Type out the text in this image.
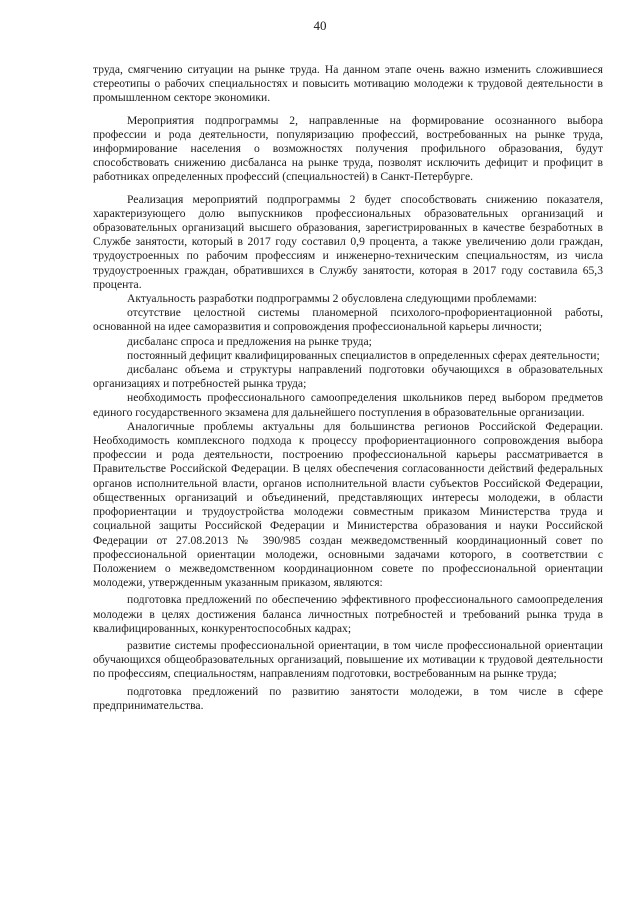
40

труда, смягчению ситуации на рынке труда. На данном этапе очень важно изменить сложившиеся стереотипы о рабочих специальностях и повысить мотивацию молодежи к трудовой деятельности в промышленном секторе экономики.

Мероприятия подпрограммы 2, направленные на формирование осознанного выбора профессии и рода деятельности, популяризацию профессий, востребованных на рынке труда, информирование населения о возможностях получения профильного образования, будут способствовать снижению дисбаланса на рынке труда, позволят исключить дефицит и профицит в работниках определенных профессий (специальностей) в Санкт-Петербурге.

Реализация мероприятий подпрограммы 2 будет способствовать снижению показателя, характеризующего долю выпускников профессиональных образовательных организаций и образовательных организаций высшего образования, зарегистрированных в качестве безработных в Службе занятости, который в 2017 году составил 0,9 процента, а также увеличению доли граждан, трудоустроенных по рабочим профессиям и инженерно-техническим специальностям, из числа трудоустроенных граждан, обратившихся в Службу занятости, которая в 2017 году составила 65,3 процента.

Актуальность разработки подпрограммы 2 обусловлена следующими проблемами:

отсутствие целостной системы планомерной психолого-профориентационной работы, основанной на идее саморазвития и сопровождения профессиональной карьеры личности;

дисбаланс спроса и предложения на рынке труда;

постоянный дефицит квалифицированных специалистов в определенных сферах деятельности;

дисбаланс объема и структуры направлений подготовки обучающихся в образовательных организациях и потребностей рынка труда;

необходимость профессионального самоопределения школьников перед выбором предметов единого государственного экзамена для дальнейшего поступления в образовательные организации.

Аналогичные проблемы актуальны для большинства регионов Российской Федерации. Необходимость комплексного подхода к процессу профориентационного сопровождения выбора профессии и рода деятельности, построению профессиональной карьеры рассматривается в Правительстве Российской Федерации. В целях обеспечения согласованности действий федеральных органов исполнительной власти, органов исполнительной власти субъектов Российской Федерации, общественных организаций и объединений, представляющих интересы молодежи, в области профориентации и трудоустройства молодежи совместным приказом Министерства труда и социальной защиты Российской Федерации и Министерства образования и науки Российской Федерации от 27.08.2013 № 390/985 создан межведомственный координационный совет по профессиональной ориентации молодежи, основными задачами которого, в соответствии с Положением о межведомственном координационном совете по профессиональной ориентации молодежи, утвержденным указанным приказом, являются:

подготовка предложений по обеспечению эффективного профессионального самоопределения молодежи в целях достижения баланса личностных потребностей и требований рынка труда в квалифицированных, конкурентоспособных кадрах;

развитие системы профессиональной ориентации, в том числе профессиональной ориентации обучающихся общеобразовательных организаций, повышение их мотивации к трудовой деятельности по профессиям, специальностям, направлениям подготовки, востребованным на рынке труда;

подготовка предложений по развитию занятости молодежи, в том числе в сфере предпринимательства.
